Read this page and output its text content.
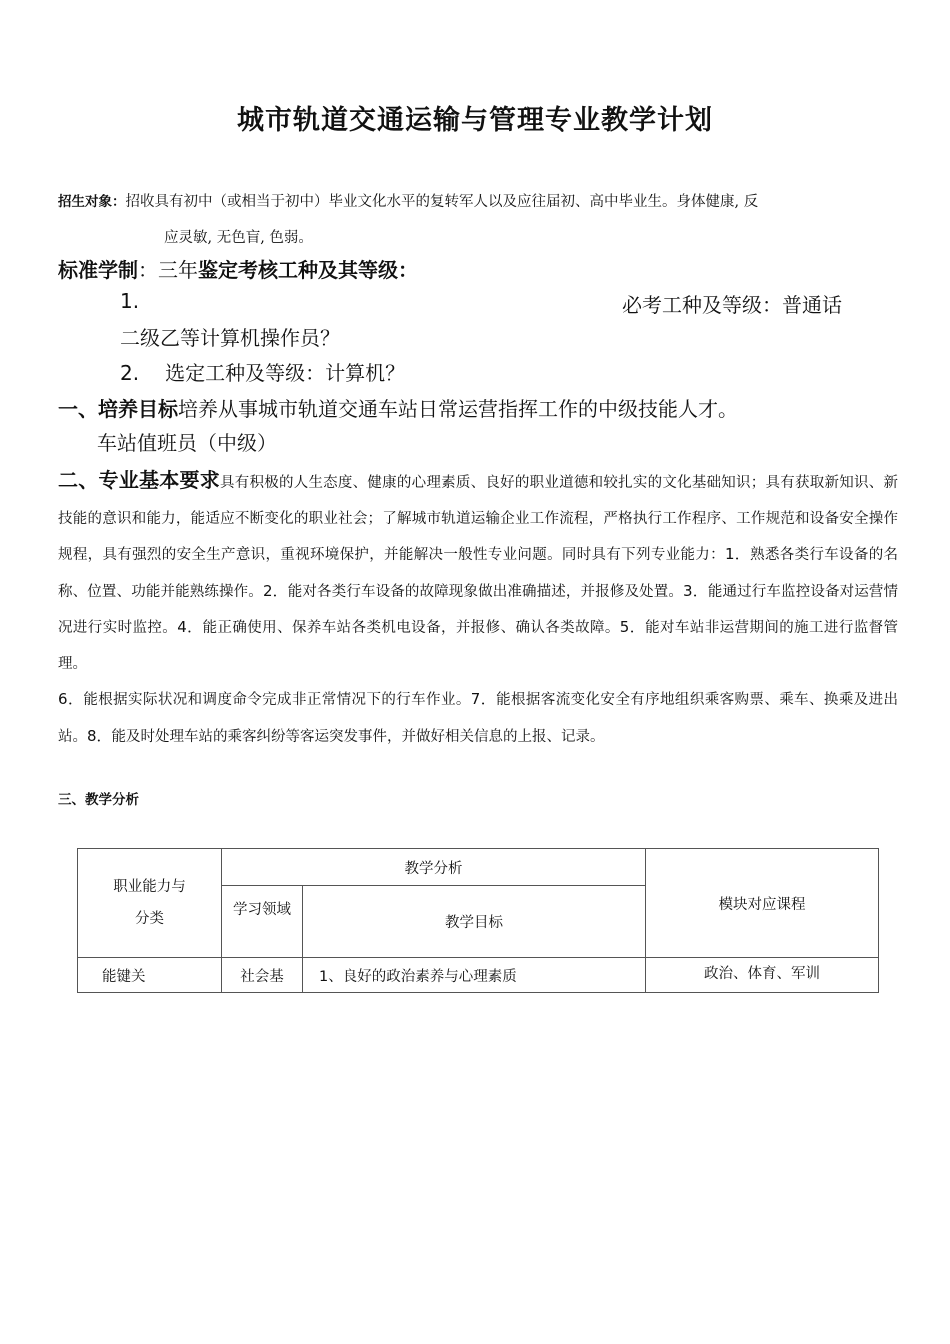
城市轨道交通运输与管理专业教学计划
招生对象：招收具有初中（或相当于初中）毕业文化水平的复转军人以及应往届初、高中毕业生。身体健康, 反
应灵敏, 无色盲, 色弱。
标准学制：三年鉴定考核工种及其等级：
1.	必考工种及等级：普通话
二级乙等计算机操作员？
2. 选定工种及等级：计算机？
一、培养目标培养从事城市轨道交通车站日常运营指挥工作的中级技能人才。
车站值班员（中级）
二、专业基本要求具有积极的人生态度、健康的心理素质、良好的职业道德和较扎实的文化基础知识；具有获取新知识、新技能的意识和能力，能适应不断变化的职业社会；了解城市轨道运输企业工作流程，严格执行工作程序、工作规范和设备安全操作规程，具有强烈的安全生产意识，重视环境保护，并能解决一般性专业问题。同时具有下列专业能力：1．熟悉各类行车设备的名称、位置、功能并能熟练操作。2．能对各类行车设备的故障现象做出准确描述，并报修及处置。3．能通过行车监控设备对运营情况进行实时监控。4．能正确使用、保养车站各类机电设备，并报修、确认各类故障。5．能对车站非运营期间的施工进行监督管理。
6．能根据实际状况和调度命令完成非正常情况下的行车作业。7．能根据客流变化安全有序地组织乘客购票、乘车、换乘及进出站。8．能及时处理车站的乘客纠纷等客运突发事件，并做好相关信息的上报、记录。
三、教学分析
职业能力与分类	教学分析		模块对应课程
	学习领域	教学目标	
能键关	社会基	1、良好的政治素养与心理素质	政治、体育、军训
